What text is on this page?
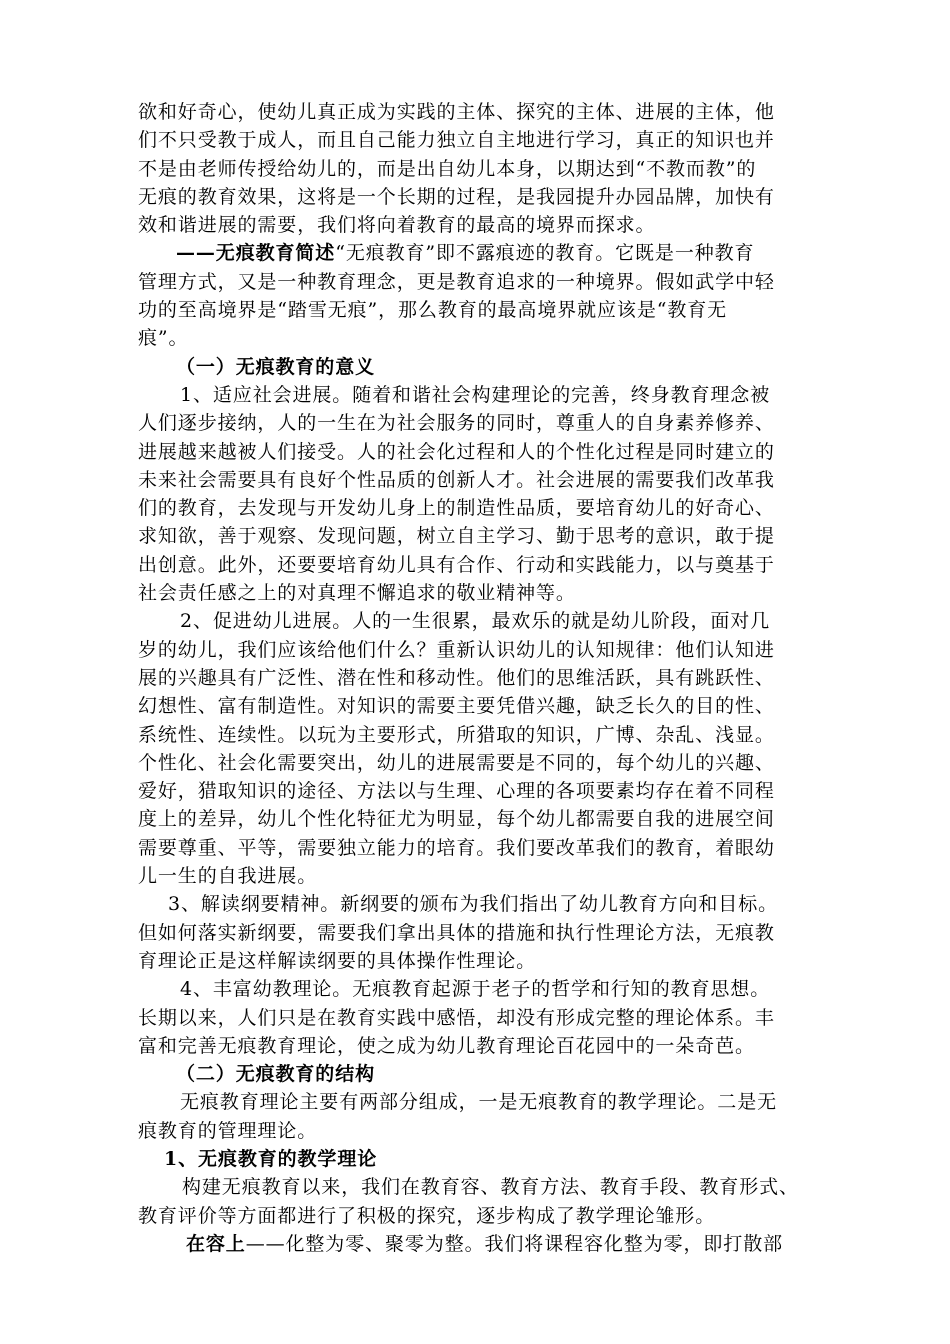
欲和好奇心，使幼儿真正成为实践的主体、探究的主体、进展的主体，他
们不只受教于成人，而且自己能力独立自主地进行学习，真正的知识也并
不是由老师传授给幼儿的，而是出自幼儿本身，以期达到“不教而教”的
无痕的教育效果，这将是一个长期的过程，是我园提升办园品牌，加快有
效和谐进展的需要，我们将向着教育的最高的境界而探求。
——无痕教育简述“无痕教育”即不露痕迹的教育。它既是一种教育
管理方式，又是一种教育理念，更是教育追求的一种境界。假如武学中轻
功的至高境界是“踏雪无痕”，那么教育的最高境界就应该是“教育无
痕”。
（一）无痕教育的意义
1、适应社会进展。随着和谐社会构建理论的完善，终身教育理念被
人们逐步接纳，人的一生在为社会服务的同时，尊重人的自身素养修养、
进展越来越被人们接受。人的社会化过程和人的个性化过程是同时建立的
未来社会需要具有良好个性品质的创新人才。社会进展的需要我们改革我
们的教育，去发现与开发幼儿身上的制造性品质，要培育幼儿的好奇心、
求知欲，善于观察、发现问题，树立自主学习、勤于思考的意识，敢于提
出创意。此外，还要要培育幼儿具有合作、行动和实践能力，以与奠基于
社会责任感之上的对真理不懈追求的敬业精神等。
2、促进幼儿进展。人的一生很累，最欢乐的就是幼儿阶段，面对几
岁的幼儿，我们应该给他们什么？重新认识幼儿的认知规律：他们认知进
展的兴趣具有广泛性、潜在性和移动性。他们的思维活跃，具有跳跃性、
幻想性、富有制造性。对知识的需要主要凭借兴趣，缺乏长久的目的性、
系统性、连续性。以玩为主要形式，所猎取的知识，广博、杂乱、浅显。
个性化、社会化需要突出，幼儿的进展需要是不同的，每个幼儿的兴趣、
爱好，猎取知识的途径、方法以与生理、心理的各项要素均存在着不同程
度上的差异，幼儿个性化特征尤为明显，每个幼儿都需要自我的进展空间
需要尊重、平等，需要独立能力的培育。我们要改革我们的教育，着眼幼
儿一生的自我进展。
3、解读纲要精神。新纲要的颁布为我们指出了幼儿教育方向和目标。
但如何落实新纲要，需要我们拿出具体的措施和执行性理论方法，无痕教
育理论正是这样解读纲要的具体操作性理论。
4、丰富幼教理论。无痕教育起源于老子的哲学和行知的教育思想。
长期以来，人们只是在教育实践中感悟，却没有形成完整的理论体系。丰
富和完善无痕教育理论，使之成为幼儿教育理论百花园中的一朵奇芭。
（二）无痕教育的结构
无痕教育理论主要有两部分组成，一是无痕教育的教学理论。二是无
痕教育的管理理论。
1、无痕教育的教学理论
构建无痕教育以来，我们在教育容、教育方法、教育手段、教育形式、
教育评价等方面都进行了积极的探究，逐步构成了教学理论雏形。
在容上——化整为零、聚零为整。我们将课程容化整为零，即打散部
